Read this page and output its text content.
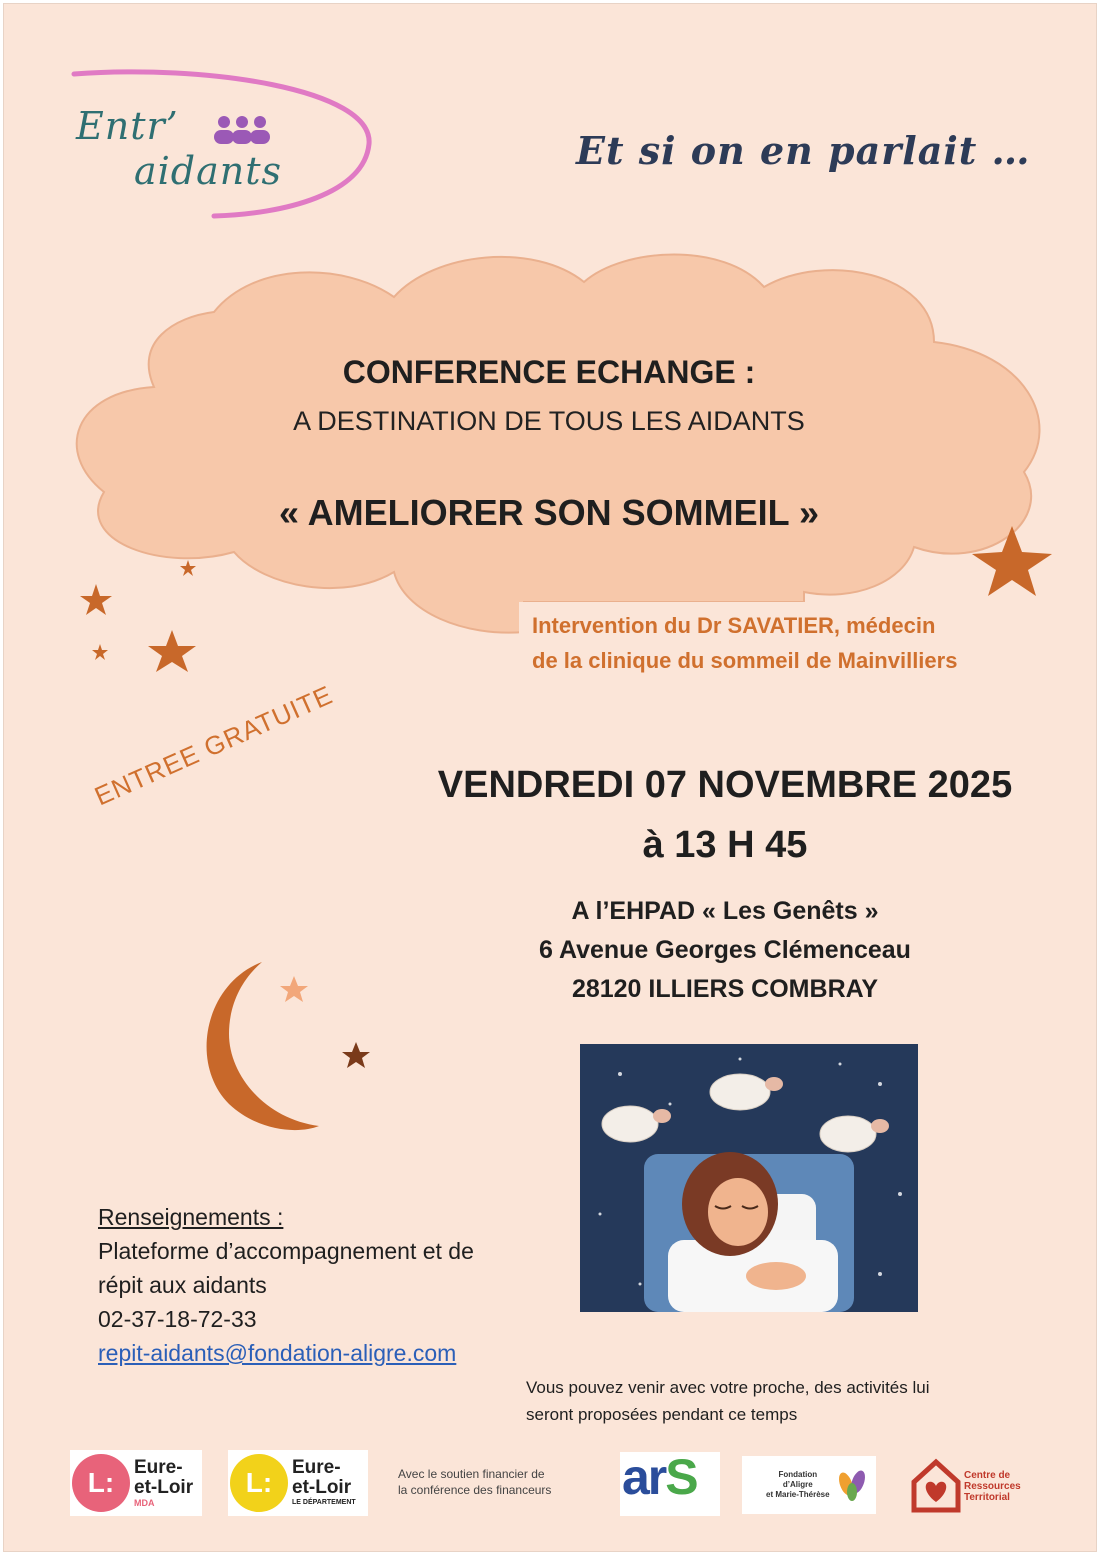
Entr’
aidants	Et si on en parlait …
CONFERENCE ECHANGE :
A DESTINATION DE TOUS LES AIDANTS
« AMELIORER SON SOMMEIL »
Intervention du Dr SAVATIER, médecin
de la clinique du sommeil de Mainvilliers
ENTREE GRATUITE	VENDREDI 07 NOVEMBRE 2025
à 13 H 45
A l’EHPAD « Les Genêts »
6 Avenue Georges Clémenceau
28120 ILLIERS COMBRAY
Renseignements :
Plateforme d’accompagnement et de
répit aux aidants
02-37-18-72-33
repit-aidants@fondation-aligre.com
Vous pouvez venir avec votre proche, des activités lui
seront proposées pendant ce temps
L:	Eure-
et-Loir
MDA
L:	Eure-
et-Loir
LE DÉPARTEMENT
Avec le soutien financier de
la conférence des financeurs arS	Fondation
d’Aligre
et Marie-Thérèse
Centre de
Ressources
Territorial
